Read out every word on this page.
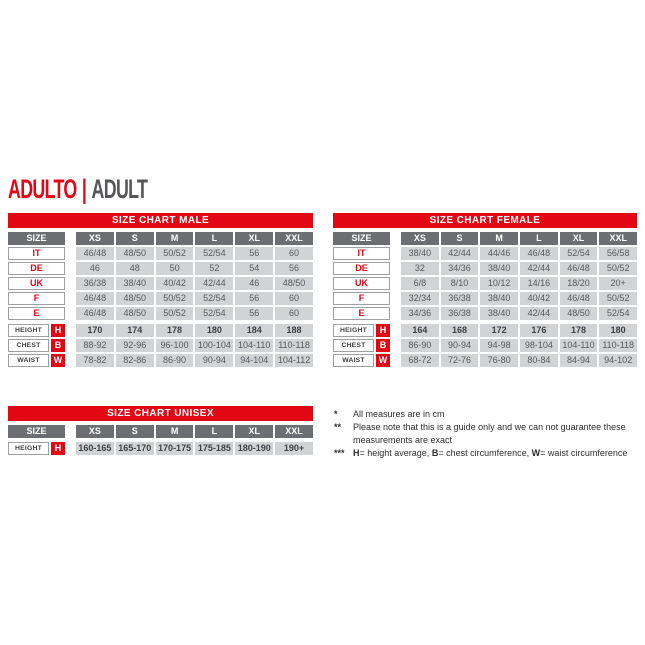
ADULTO | ADULT
SIZE CHART MALE
SIZE	XS	S	M	L	XL	XXL
IT	46/48	48/50	50/52	52/54	56	60
DE	46	48	50	52	54	56
UK	36/38	38/40	40/42	42/44	46	48/50
F	46/48	48/50	50/52	52/54	56	60
E	46/48	48/50	50/52	52/54	56	60
HEIGHT	H	170	174	178	180	184	188
CHEST	B	88-92	92-96	96-100	100-104 104-110 110-118
WAIST	W	78-82	82-86	86-90	90-94	94-104	104-112
SIZE CHART FEMALE
SIZE	XS	S	M	L	XL	XXL
IT	38/40	42/44	44/46	46/48	52/54	56/58
DE	32	34/36	38/40	42/44	46/48	50/52
UK	6/8	8/10	10/12	14/16	18/20	20+
F	32/34	36/38	38/40	40/42	46/48	50/52
E	34/36	36/38	38/40	42/44	48/50	52/54
HEIGHT	H	164	168	172	176	178	180
CHEST	B	86-90	90-94	94-98	98-104	104-110 110-118
WAIST	W	68-72	72-76	76-80	80-84	84-94	94-102
SIZE CHART UNISEX
SIZE	XS	S	M	L	XL	XXL
HEIGHT	H	160-165 165-170 170-175 175-185 180-190	190+
*	All measures are in cm
**	Please note that this is a guide only and we can not guarantee these measurements are exact
*** H= height average, B= chest circumference, W= waist circumference
